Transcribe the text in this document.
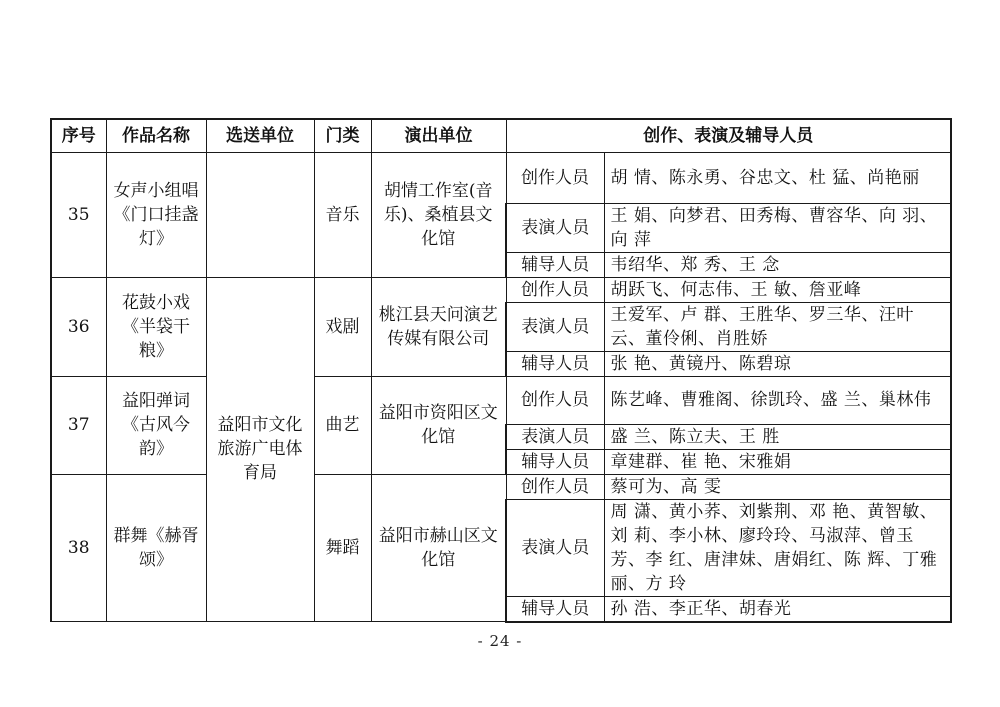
序号	作品名称	选送单位	门类	演出单位	创作、表演及辅导人员	
35	女声小组唱《门口挂盏灯》		音乐	胡情工作室(音乐)、桑植县文化馆	创作人员	胡 情、陈永勇、谷忠文、杜 猛、尚艳丽
					表演人员	王 娟、向梦君、田秀梅、曹容华、向 羽、向 萍
					辅导人员	韦绍华、郑 秀、王 念
36	花鼓小戏《半袋干粮》	益阳市文化旅游广电体育局	戏剧	桃江县天问演艺传媒有限公司	创作人员	胡跃飞、何志伟、王 敏、詹亚峰
					表演人员	王爱军、卢 群、王胜华、罗三华、汪叶云、董伶俐、肖胜娇
					辅导人员	张 艳、黄镜丹、陈碧琼
37	益阳弹词《古风今韵》		曲艺	益阳市资阳区文化馆	创作人员	陈艺峰、曹雅阁、徐凯玲、盛 兰、巢林伟
					表演人员	盛 兰、陈立夫、王 胜
					辅导人员	章建群、崔 艳、宋雅娟
38	群舞《赫胥颂》		舞蹈	益阳市赫山区文化馆	创作人员	蔡可为、高 雯
					表演人员	周 潇、黄小荞、刘紫荆、邓 艳、黄智敏、刘 莉、李小林、廖玲玲、马淑萍、曾玉芳、李 红、唐津妹、唐娟红、陈 辉、丁雅丽、方 玲
					辅导人员	孙 浩、李正华、胡春光
- 24 -
